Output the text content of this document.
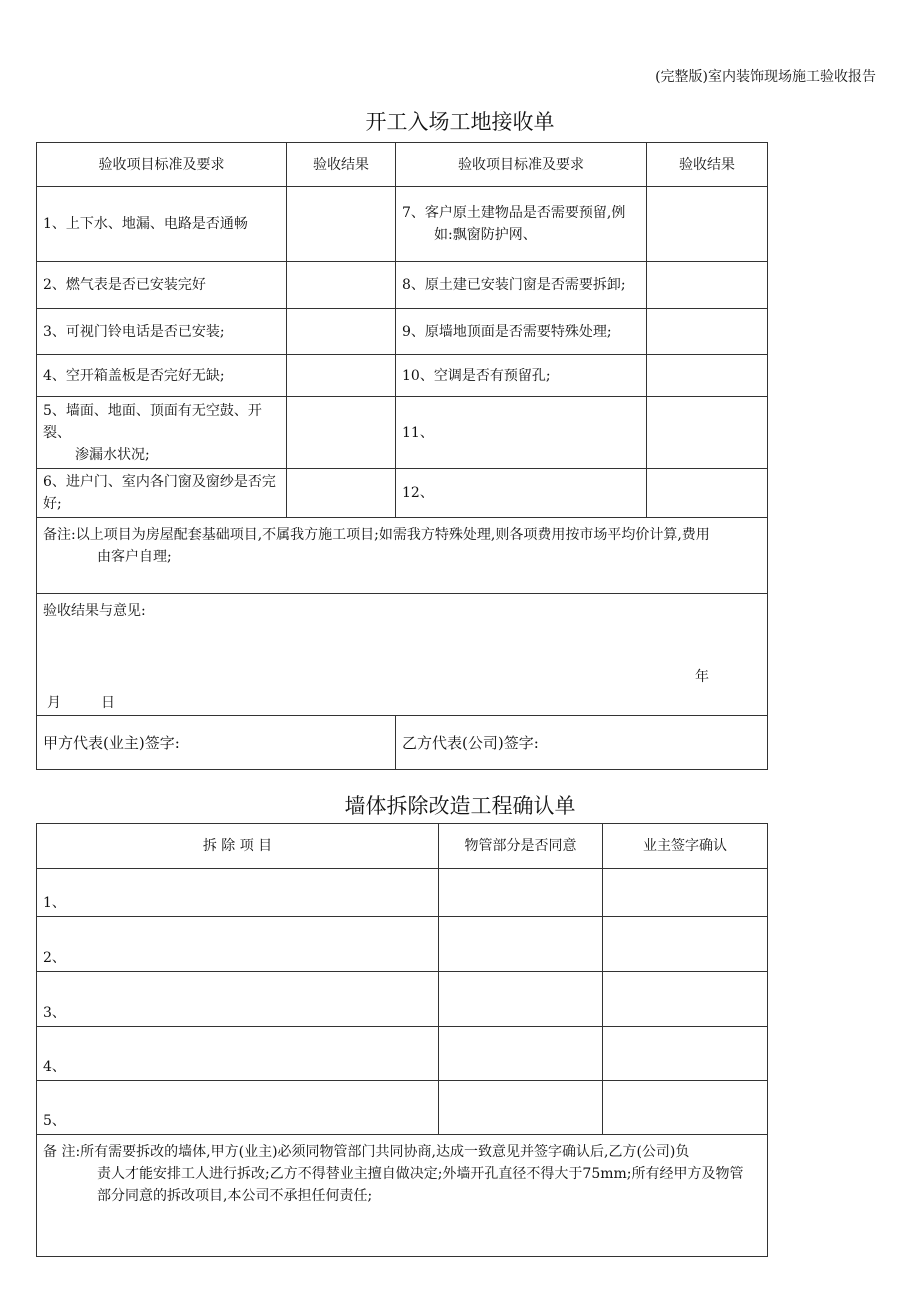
(完整版)室内装饰现场施工验收报告
开工入场工地接收单
验收项目标准及要求	验收结果	验收项目标准及要求	验收结果
1、上下水、地漏、电路是否通畅		7、客户原土建物品是否需要预留,例
如:飘窗防护网、	

2、燃气表是否已安装完好		8、原土建已安装门窗是否需要拆卸;	
3、可视门铃电话是否已安装;		9、原墙地顶面是否需要特殊处理;	
4、空开箱盖板是否完好无缺;		10、空调是否有预留孔;	
5、墙面、地面、顶面有无空鼓、开裂、
渗漏水状况;		11、	
6、进户门、室内各门窗及窗纱是否完好;		12、	
备注:以上项目为房屋配套基础项目,不属我方施工项目;如需我方特殊处理,则各项费用按市场平均价计算,费用
由客户自理;			

验收结果与意见:
年
月 日			

甲方代表(业主)签字:		乙方代表(公司)签字:	
墙体拆除改造工程确认单
拆 除 项 目	物管部分是否同意	业主签字确认
1、		
2、		
3、		
4、		
5、		
备 注:所有需要拆改的墙体,甲方(业主)必须同物管部门共同协商,达成一致意见并签字确认后,乙方(公司)负
责人才能安排工人进行拆改;乙方不得替业主擅自做决定;外墙开孔直径不得大于75mm;所有经甲方及物管
部分同意的拆改项目,本公司不承担任何责任;		
